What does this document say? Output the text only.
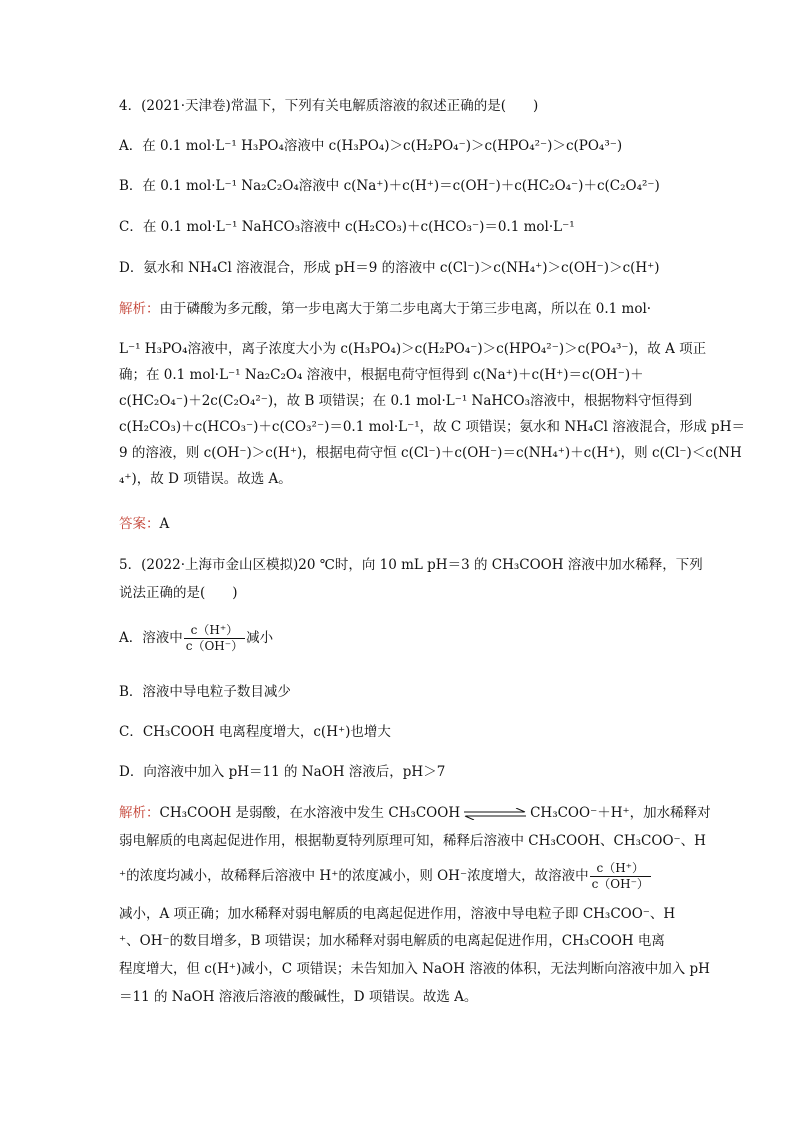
4．(2021·天津卷)常温下，下列有关电解质溶液的叙述正确的是(　　)
A．在 0.1 mol·L⁻¹ H₃PO₄溶液中 c(H₃PO₄)＞c(H₂PO₄⁻)＞c(HPO₄²⁻)＞c(PO₄³⁻)
B．在 0.1 mol·L⁻¹ Na₂C₂O₄溶液中 c(Na⁺)＋c(H⁺)＝c(OH⁻)＋c(HC₂O₄⁻)＋c(C₂O₄²⁻)
C．在 0.1 mol·L⁻¹ NaHCO₃溶液中 c(H₂CO₃)＋c(HCO₃⁻)＝0.1 mol·L⁻¹
D．氨水和 NH₄Cl 溶液混合，形成 pH＝9 的溶液中 c(Cl⁻)＞c(NH₄⁺)＞c(OH⁻)＞c(H⁺)
解析：由于磷酸为多元酸，第一步电离大于第二步电离大于第三步电离，所以在 0.1 mol·
L⁻¹ H₃PO₄溶液中，离子浓度大小为 c(H₃PO₄)＞c(H₂PO₄⁻)＞c(HPO₄²⁻)＞c(PO₄³⁻)，故 A 项正
确；在 0.1 mol·L⁻¹ Na₂C₂O₄ 溶液中，根据电荷守恒得到 c(Na⁺)＋c(H⁺)＝c(OH⁻)＋
c(HC₂O₄⁻)＋2c(C₂O₄²⁻)，故 B 项错误；在 0.1 mol·L⁻¹ NaHCO₃溶液中，根据物料守恒得到
c(H₂CO₃)＋c(HCO₃⁻)＋c(CO₃²⁻)＝0.1 mol·L⁻¹，故 C 项错误；氨水和 NH₄Cl 溶液混合，形成 pH＝
9 的溶液，则 c(OH⁻)＞c(H⁺)，根据电荷守恒 c(Cl⁻)＋c(OH⁻)＝c(NH₄⁺)＋c(H⁺)，则 c(Cl⁻)＜c(NH
₄⁺)，故 D 项错误。故选 A。
答案：A
5．(2022·上海市金山区模拟)20 ℃时，向 10 mL pH＝3 的 CH₃COOH 溶液中加水稀释，下列
说法正确的是(　　)
A．溶液中 $\frac{c(H^+)}{c(OH^-)}$ 减小
B．溶液中导电粒子数目减少
C．CH₃COOH 电离程度增大，c(H⁺)也增大
D．向溶液中加入 pH＝11 的 NaOH 溶液后，pH＞7
解析：CH₃COOH 是弱酸，在水溶液中发生 CH₃COOH	CH₃COO⁻＋H⁺，加水稀释对
弱电解质的电离起促进作用，根据勒夏特列原理可知，稀释后溶液中 CH₃COOH、CH₃COO⁻、H
⁺的浓度均减小，故稀释后溶液中 H⁺的浓度减小，则 OH⁻浓度增大，故溶液中 $\frac{c(H^+)}{c(OH^-)}$
减小，A 项正确；加水稀释对弱电解质的电离起促进作用，溶液中导电粒子即 CH₃COO⁻、H
⁺、OH⁻的数目增多，B 项错误；加水稀释对弱电解质的电离起促进作用，CH₃COOH 电离
程度增大，但 c(H⁺)减小，C 项错误；未告知加入 NaOH 溶液的体积，无法判断向溶液中加入 pH
＝11 的 NaOH 溶液后溶液的酸碱性，D 项错误。故选 A。
